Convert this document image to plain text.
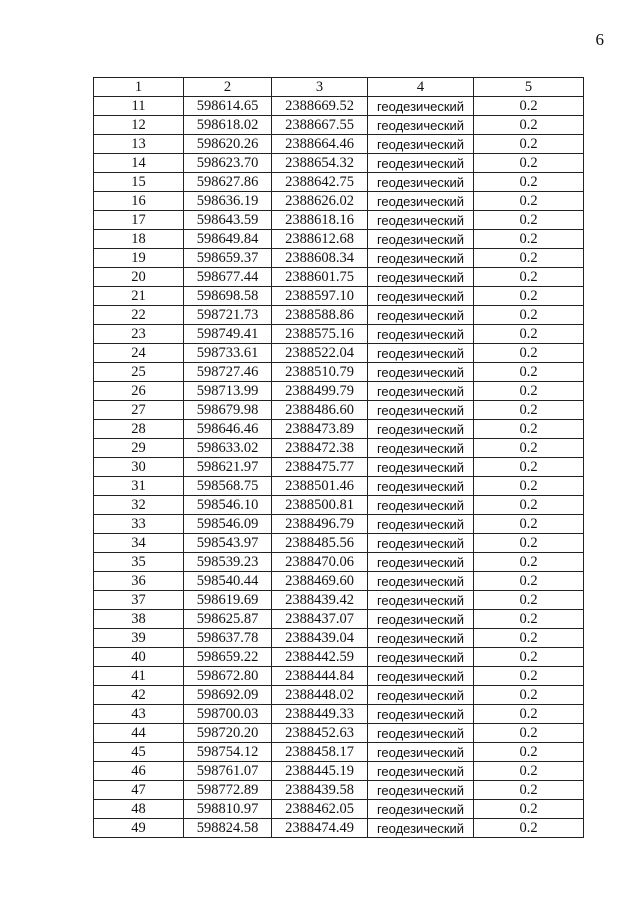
6
1	2	3	4	5
11	598614.65	2388669.52	геодезический	0.2
12	598618.02	2388667.55	геодезический	0.2
13	598620.26	2388664.46	геодезический	0.2
14	598623.70	2388654.32	геодезический	0.2
15	598627.86	2388642.75	геодезический	0.2
16	598636.19	2388626.02	геодезический	0.2
17	598643.59	2388618.16	геодезический	0.2
18	598649.84	2388612.68	геодезический	0.2
19	598659.37	2388608.34	геодезический	0.2
20	598677.44	2388601.75	геодезический	0.2
21	598698.58	2388597.10	геодезический	0.2
22	598721.73	2388588.86	геодезический	0.2
23	598749.41	2388575.16	геодезический	0.2
24	598733.61	2388522.04	геодезический	0.2
25	598727.46	2388510.79	геодезический	0.2
26	598713.99	2388499.79	геодезический	0.2
27	598679.98	2388486.60	геодезический	0.2
28	598646.46	2388473.89	геодезический	0.2
29	598633.02	2388472.38	геодезический	0.2
30	598621.97	2388475.77	геодезический	0.2
31	598568.75	2388501.46	геодезический	0.2
32	598546.10	2388500.81	геодезический	0.2
33	598546.09	2388496.79	геодезический	0.2
34	598543.97	2388485.56	геодезический	0.2
35	598539.23	2388470.06	геодезический	0.2
36	598540.44	2388469.60	геодезический	0.2
37	598619.69	2388439.42	геодезический	0.2
38	598625.87	2388437.07	геодезический	0.2
39	598637.78	2388439.04	геодезический	0.2
40	598659.22	2388442.59	геодезический	0.2
41	598672.80	2388444.84	геодезический	0.2
42	598692.09	2388448.02	геодезический	0.2
43	598700.03	2388449.33	геодезический	0.2
44	598720.20	2388452.63	геодезический	0.2
45	598754.12	2388458.17	геодезический	0.2
46	598761.07	2388445.19	геодезический	0.2
47	598772.89	2388439.58	геодезический	0.2
48	598810.97	2388462.05	геодезический	0.2
49	598824.58	2388474.49	геодезический	0.2
